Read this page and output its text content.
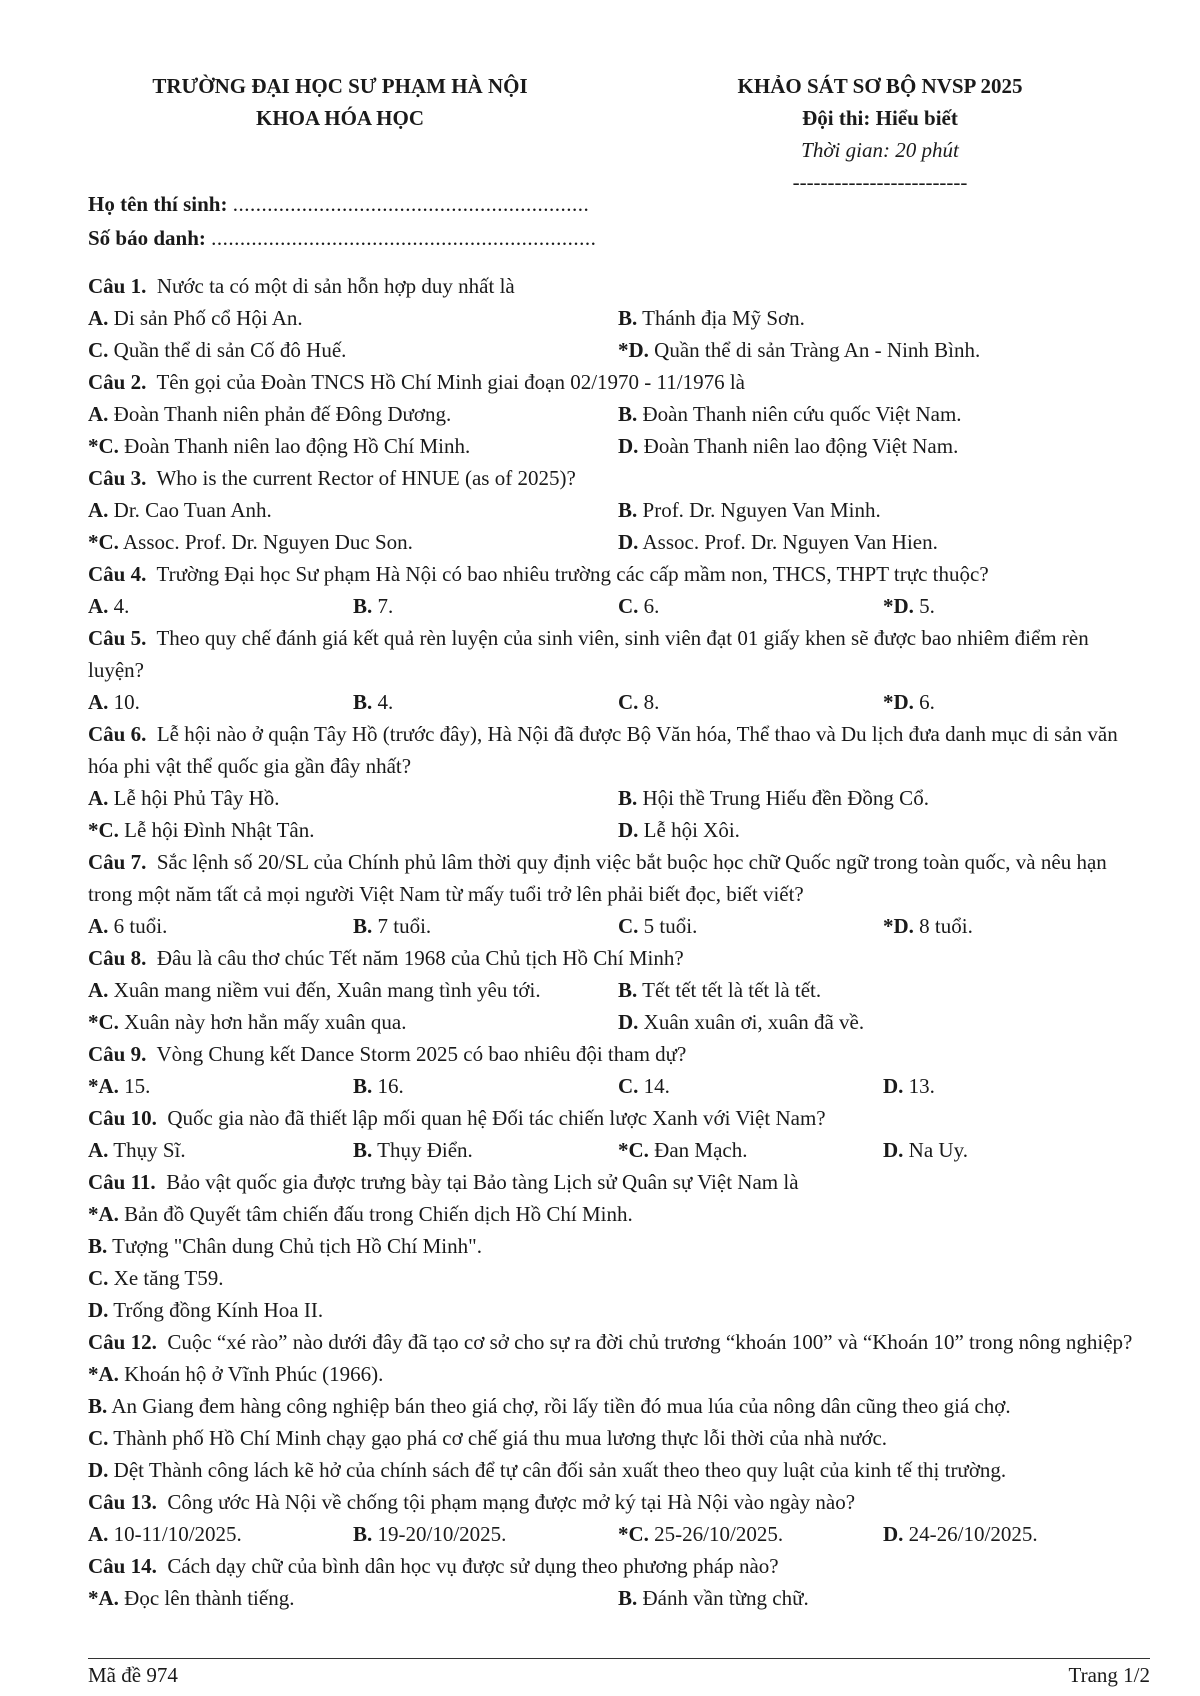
TRƯỜNG ĐẠI HỌC SƯ PHẠM HÀ NỘI
KHOA HÓA HỌC
KHẢO SÁT SƠ BỘ NVSP 2025
Đội thi: Hiểu biết
Thời gian: 20 phút
-------------------------
Họ tên thí sinh: ..............................................................
Số báo danh: ...................................................................
Câu 1. Nước ta có một di sản hỗn hợp duy nhất là
A. Di sản Phố cổ Hội An.	B. Thánh địa Mỹ Sơn.
C. Quần thể di sản Cố đô Huế.	*D. Quần thể di sản Tràng An - Ninh Bình.
Câu 2. Tên gọi của Đoàn TNCS Hồ Chí Minh giai đoạn 02/1970 - 11/1976 là
A. Đoàn Thanh niên phản đế Đông Dương.	B. Đoàn Thanh niên cứu quốc Việt Nam.
*C. Đoàn Thanh niên lao động Hồ Chí Minh.	D. Đoàn Thanh niên lao động Việt Nam.
Câu 3. Who is the current Rector of HNUE (as of 2025)?
A. Dr. Cao Tuan Anh.	B. Prof. Dr. Nguyen Van Minh.
*C. Assoc. Prof. Dr. Nguyen Duc Son.	D. Assoc. Prof. Dr. Nguyen Van Hien.
Câu 4. Trường Đại học Sư phạm Hà Nội có bao nhiêu trường các cấp mầm non, THCS, THPT trực thuộc?
A. 4.	B. 7.	C. 6.	*D. 5.
Câu 5. Theo quy chế đánh giá kết quả rèn luyện của sinh viên, sinh viên đạt 01 giấy khen sẽ được bao nhiêm điểm rèn luyện?
A. 10.	B. 4.	C. 8.	*D. 6.
Câu 6. Lễ hội nào ở quận Tây Hồ (trước đây), Hà Nội đã được Bộ Văn hóa, Thể thao và Du lịch đưa danh mục di sản văn hóa phi vật thể quốc gia gần đây nhất?
A. Lễ hội Phủ Tây Hồ.	B. Hội thề Trung Hiếu đền Đồng Cổ.
*C. Lễ hội Đình Nhật Tân.	D. Lễ hội Xôi.
Câu 7. Sắc lệnh số 20/SL của Chính phủ lâm thời quy định việc bắt buộc học chữ Quốc ngữ trong toàn quốc, và nêu hạn trong một năm tất cả mọi người Việt Nam từ mấy tuổi trở lên phải biết đọc, biết viết?
A. 6 tuổi.	B. 7 tuổi.	C. 5 tuổi.	*D. 8 tuổi.
Câu 8. Đâu là câu thơ chúc Tết năm 1968 của Chủ tịch Hồ Chí Minh?
A. Xuân mang niềm vui đến, Xuân mang tình yêu tới.	B. Tết tết tết là tết là tết.
*C. Xuân này hơn hẳn mấy xuân qua.	D. Xuân xuân ơi, xuân đã về.
Câu 9. Vòng Chung kết Dance Storm 2025 có bao nhiêu đội tham dự?
*A. 15.	B. 16.	C. 14.	D. 13.
Câu 10. Quốc gia nào đã thiết lập mối quan hệ Đối tác chiến lược Xanh với Việt Nam?
A. Thụy Sĩ.	B. Thụy Điển.	*C. Đan Mạch.	D. Na Uy.
Câu 11. Bảo vật quốc gia được trưng bày tại Bảo tàng Lịch sử Quân sự Việt Nam là
*A. Bản đồ Quyết tâm chiến đấu trong Chiến dịch Hồ Chí Minh.
B. Tượng "Chân dung Chủ tịch Hồ Chí Minh".
C. Xe tăng T59.
D. Trống đồng Kính Hoa II.
Câu 12. Cuộc “xé rào” nào dưới đây đã tạo cơ sở cho sự ra đời chủ trương “khoán 100” và “Khoán 10” trong nông nghiệp?
*A. Khoán hộ ở Vĩnh Phúc (1966).
B. An Giang đem hàng công nghiệp bán theo giá chợ, rồi lấy tiền đó mua lúa của nông dân cũng theo giá chợ.
C. Thành phố Hồ Chí Minh chạy gạo phá cơ chế giá thu mua lương thực lỗi thời của nhà nước.
D. Dệt Thành công lách kẽ hở của chính sách để tự cân đối sản xuất theo theo quy luật của kinh tế thị trường.
Câu 13. Công ước Hà Nội về chống tội phạm mạng được mở ký tại Hà Nội vào ngày nào?
A. 10-11/10/2025.	B. 19-20/10/2025.	*C. 25-26/10/2025.	D. 24-26/10/2025.
Câu 14. Cách dạy chữ của bình dân học vụ được sử dụng theo phương pháp nào?
*A. Đọc lên thành tiếng.	B. Đánh vần từng chữ.
Mã đề 974	Trang 1/2
